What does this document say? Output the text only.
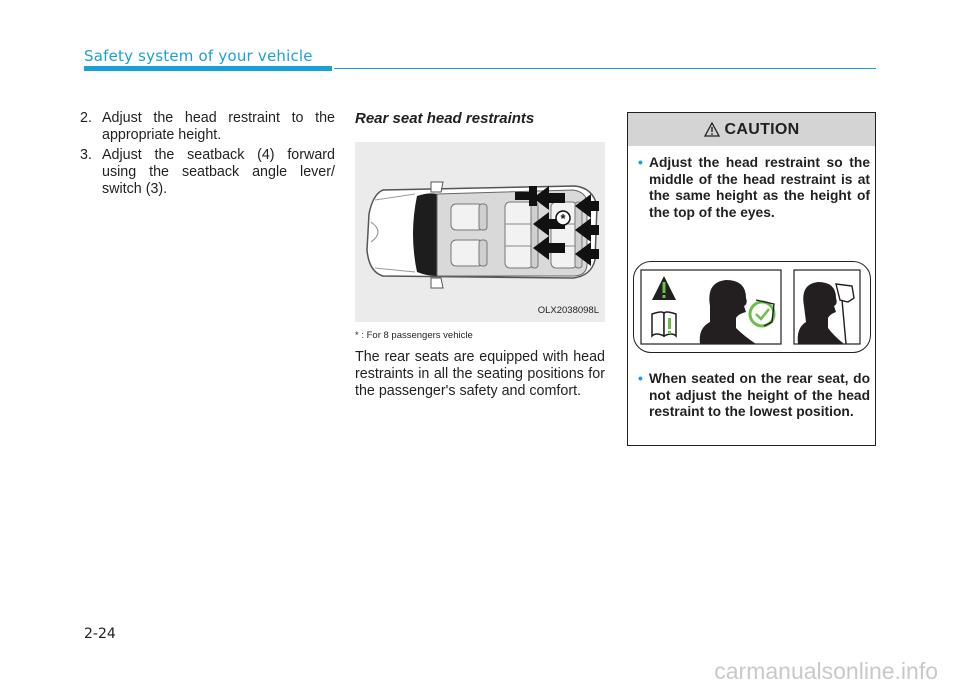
Safety system of your vehicle
2. Adjust the head restraint to the appropriate height.
3. Adjust the seatback (4) forward using the seatback angle lever/ switch (3).
Rear seat head restraints
*
OLX2038098L
* : For 8 passengers vehicle
The rear seats are equipped with head restraints in all the seating positions for the passenger's safety and comfort.
CAUTION
• Adjust the head restraint so the middle of the head restraint is at the same height as the height of the top of the eyes.
• When seated on the rear seat, do not adjust the height of the head restraint to the lowest position.
2-24
carmanualsonline.info
